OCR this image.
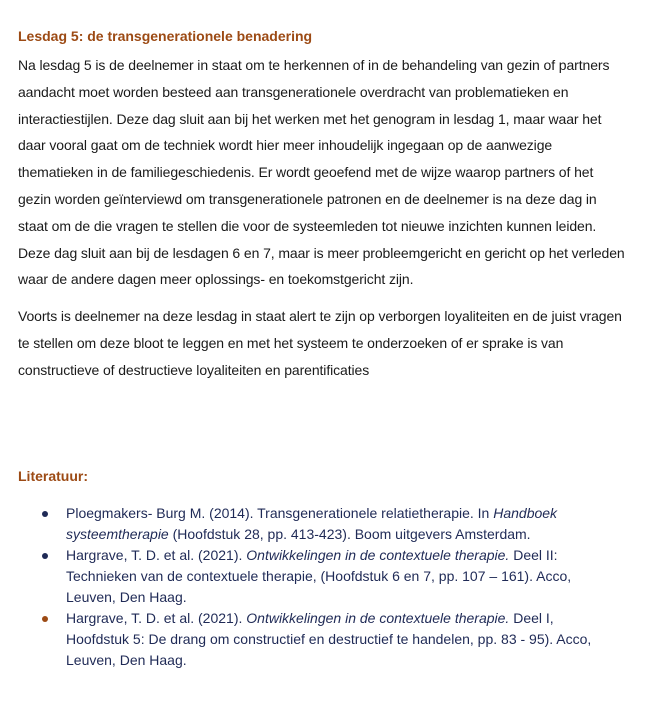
Lesdag 5: de transgenerationele benadering

Na lesdag 5 is de deelnemer in staat om te herkennen of in de behandeling van gezin of partners aandacht moet worden besteed aan transgenerationele overdracht van problematieken en interactiestijlen. Deze dag sluit aan bij het werken met het genogram in lesdag 1, maar waar het daar vooral gaat om de techniek wordt hier meer inhoudelijk ingegaan op de aanwezige thematieken in de familiegeschiedenis. Er wordt geoefend met de wijze waarop partners of het gezin worden geïnterviewd om transgenerationele patronen en de deelnemer is na deze dag in staat om de die vragen te stellen die voor de systeemleden tot nieuwe inzichten kunnen leiden. Deze dag sluit aan bij de lesdagen 6 en 7, maar is meer probleemgericht en gericht op het verleden waar de andere dagen meer oplossings- en toekomstgericht zijn.

Voorts is deelnemer na deze lesdag in staat alert te zijn op verborgen loyaliteiten en de juist vragen te stellen om deze bloot te leggen en met het systeem te onderzoeken of er sprake is van constructieve of destructieve loyaliteiten en parentificaties

Literatuur:
Ploegmakers- Burg M. (2014). Transgenerationele relatietherapie. In Handboek systeemtherapie (Hoofdstuk 28, pp. 413-423). Boom uitgevers Amsterdam.
Hargrave, T. D. et al. (2021). Ontwikkelingen in de contextuele therapie. Deel II: Technieken van de contextuele therapie, (Hoofdstuk 6 en 7, pp. 107 – 161). Acco, Leuven, Den Haag.
Hargrave, T. D. et al. (2021). Ontwikkelingen in de contextuele therapie. Deel I, Hoofdstuk 5: De drang om constructief en destructief te handelen, pp. 83 - 95). Acco, Leuven, Den Haag.
